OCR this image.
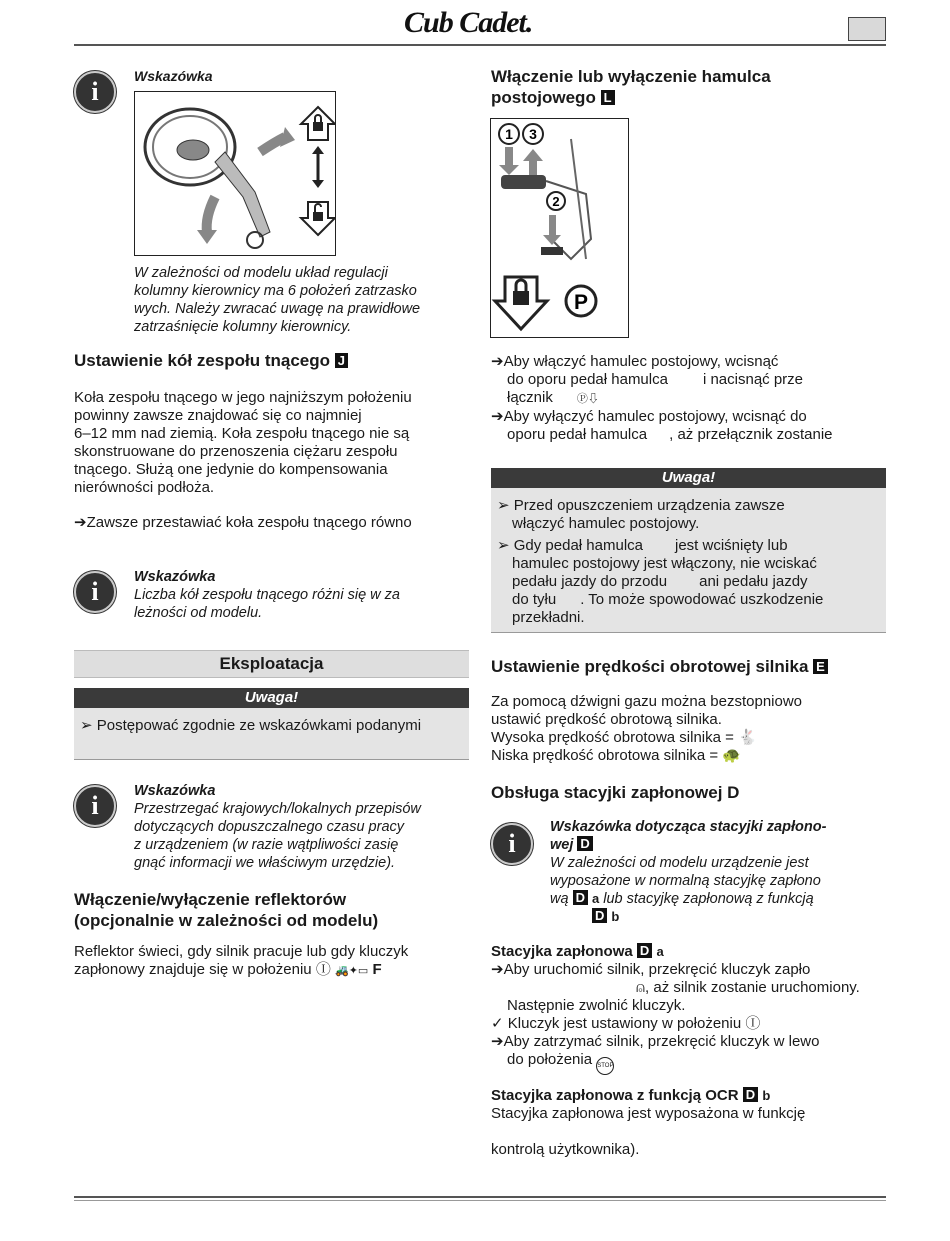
Cub Cadet.
i
Wskazówka
W zależności od modelu układ regulacji
kolumny kierownicy ma 6 położeń zatrzasko
wych. Należy zwracać uwagę na prawidłowe
zatrzaśnięcie kolumny kierownicy.
Ustawienie kół zespołu tnącego J
Koła zespołu tnącego w jego najniższym położeniu
powinny zawsze znajdować się co najmniej
6–12 mm nad ziemią. Koła zespołu tnącego nie są
skonstruowane do przenoszenia ciężaru zespołu
tnącego. Służą one jedynie do kompensowania
nierówności podłoża.
➔Zawsze przestawiać koła zespołu tnącego równo
i	Wskazówka
Liczba kół zespołu tnącego różni się w za
leżności od modelu.
Eksploatacja
Uwaga!
➢ Postępować zgodnie ze wskazówkami podanymi
i	Wskazówka
Przestrzegać krajowych/lokalnych przepisów
dotyczących dopuszczalnego czasu pracy
z urządzeniem (w razie wątpliwości zasię
gnąć informacji we właściwym urzędzie).
Włączenie/wyłączenie reflektorów
(opcjonalnie w zależności od modelu)
Reflektor świeci, gdy silnik pracuje lub gdy kluczyk
zapłonowy znajduje się w położeniu Ⓘ 🚜✦▭ F
Włączenie lub wyłączenie hamulca
postojowego L
1 3
2
P
➔Aby włączyć hamulec postojowy, wcisnąć
do oporu pedał hamulca i nacisnąć prze
łącznik Ⓟ⇩
➔Aby wyłączyć hamulec postojowy, wcisnąć do
oporu pedał hamulca , aż przełącznik zostanie
Uwaga!
➢ Przed opuszczeniem urządzenia zawsze
włączyć hamulec postojowy.
➢ Gdy pedał hamulca jest wciśnięty lub
hamulec postojowy jest włączony, nie wciskać
pedału jazdy do przodu ani pedału jazdy
do tyłu . To może spowodować uszkodzenie
przekładni.
Ustawienie prędkości obrotowej silnika E
Za pomocą dźwigni gazu można bezstopniowo
ustawić prędkość obrotową silnika.
Wysoka prędkość obrotowa silnika = 🐇
Niska prędkość obrotowa silnika = 🐢
Obsługa stacyjki zapłonowej D
i
Wskazówka dotycząca stacyjki zapłono-
wej D
W zależności od modelu urządzenie jest
wyposażone w normalną stacyjkę zapłono
wą D a lub stacyjkę zapłonową z funkcją
D b
Stacyjka zapłonowa D a
➔Aby uruchomić silnik, przekręcić kluczyk zapło
⍝, aż silnik zostanie uruchomiony.
Następnie zwolnić kluczyk.
✓ Kluczyk jest ustawiony w położeniu Ⓘ
➔Aby zatrzymać silnik, przekręcić kluczyk w lewo
do położenia STOP
Stacyjka zapłonowa z funkcją OCR D b
Stacyjka zapłonowa jest wyposażona w funkcję
kontrolą użytkownika).
